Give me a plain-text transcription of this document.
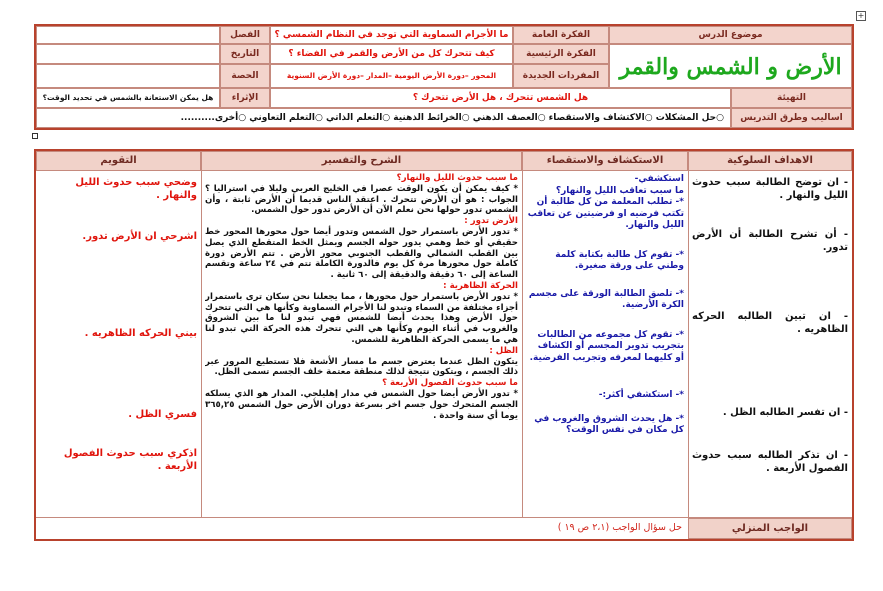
+
موضوع الدرس
الأرض و الشمس والقمر
الفكرة العامة
الفكرة الرئيسية
المفردات الجديدة
ما الأجرام السماوية التي توجد في النظام الشمسي ؟
كيف تتحرك كل من الأرض والقمر في الفضاء ؟
المحور –دورة الأرض اليومية –المدار –دورة الأرض السنوية
الفصل
التاريخ
الحصة
التهيئة
هل الشمس تتحرك ، هل الأرض تتحرك ؟
الإثراء
هل يمكن الاستعانة بالشمس في تحديد الوقت؟
اساليب وطرق التدريس
○حل المشكلات ○الاكتشاف والاستقصاء ○العصف الذهني ○الخرائط الذهنية ○التعلم الذاتي ○التعلم التعاوني ○أخرى..........
الاهداف السلوكية
الاستكشاف والاستقصاء
الشرح والتفسير
التقويم

- ان توضح الطالبة سبب حدوث الليل والنهار .

- أن تشرح الطالبة أن الأرض تدور.

- ان تبين الطالبه الحركه الظاهريه .

- ان تفسر الطالبه الظل .

- ان تذكر الطالبه سبب حدوث الفصول الأربعة .

استكشفي-

ما سبب تعاقب الليل والنهار؟

*- تطلب المعلمة من كل طالبة أن تكتب فرضيه او فرضيتين عن تعاقب الليل والنهار.

*- تقوم كل طالبة بكتابة كلمة وطني على ورقة صغيرة.

*- تلصق الطالبة الورقة على مجسم الكرة الأرضية.

*- تقوم كل مجموعه من الطالبات بتجريب تدوير المجسم أو الكشاف أو كليهما لمعرفه وتجريب الفرضية.

*- استكشفي أكثر:-

*- هل يحدث الشروق والغروب في كل مكان في نفس الوقت؟

ما سبب حدوث الليل والنهار؟

* كيف يمكن أن يكون الوقت عصرا في الخليج العربي وليلا في استراليا ؟ الجواب : هو أن الأرض تتحرك . اعتقد الناس قديما أن الأرض ثابتة ، وأن الشمس تدور حولها نحن نعلم الآن أن الأرض تدور حول الشمس.

الأرض تدور :

* تدور الأرض باستمرار حول الشمس وتدور أيضا حول محورها المحور خط حقيقي أو خط وهمي يدور حوله الجسم ويمثل الخط المتقطع الذي يصل بين القطب الشمالي والقطب الجنوبي محور الأرض . تتم الأرض دورة كاملة حول محورها مرة كل يوم فالدورة الكاملة تتم في ٢٤ ساعة وتقسم الساعة إلى ٦٠ دقيقة والدقيقة إلى ٦٠ ثانية .

الحركة الظاهرية :

* تدور الأرض باستمرار حول محورها ، مما يجعلنا نحن سكان ترى باستمرار أجزاء مختلفة من السماء وتبدو لنا الأجرام السماوية وكأنها هي التي تتحرك حول الأرض وهذا يحدث أيضا للشمس فهي تبدو لنا ما بين الشروق والغروب في أثناء اليوم وكأنها هي التي تتحرك هذه الحركة التي تبدو لنا هي ما يسمى الحركة الظاهرية للشمس.

الظل :

يتكون الظل عندما يعترض جسم ما مسار الأشعة فلا تستطيع المرور عبر ذلك الجسم ، ويتكون نتيجة لذلك منطقة معتمة خلف الجسم تسمى الظل.

ما سبب حدوث الفصول الأربعة ؟

* تدور الأرض أيضا حول الشمس في مدار إهليلجي. المدار هو الذي يسلكه الجسم المتحرك حول جسم اخر بسرعة دوران الأرض حول الشمس ٣٦٥,٢٥ يوما أي سنة واحدة .

وضحي سبب حدوث الليل والنهار .

اشرحي ان الأرض تدور.

بيني الحركه الظاهريه .

فسري الظل .

اذكري سبب حدوث الفصول الأربعة .

الواجب المنزلي
حل سؤال الواجب (٢،١ ص ١٩ )
